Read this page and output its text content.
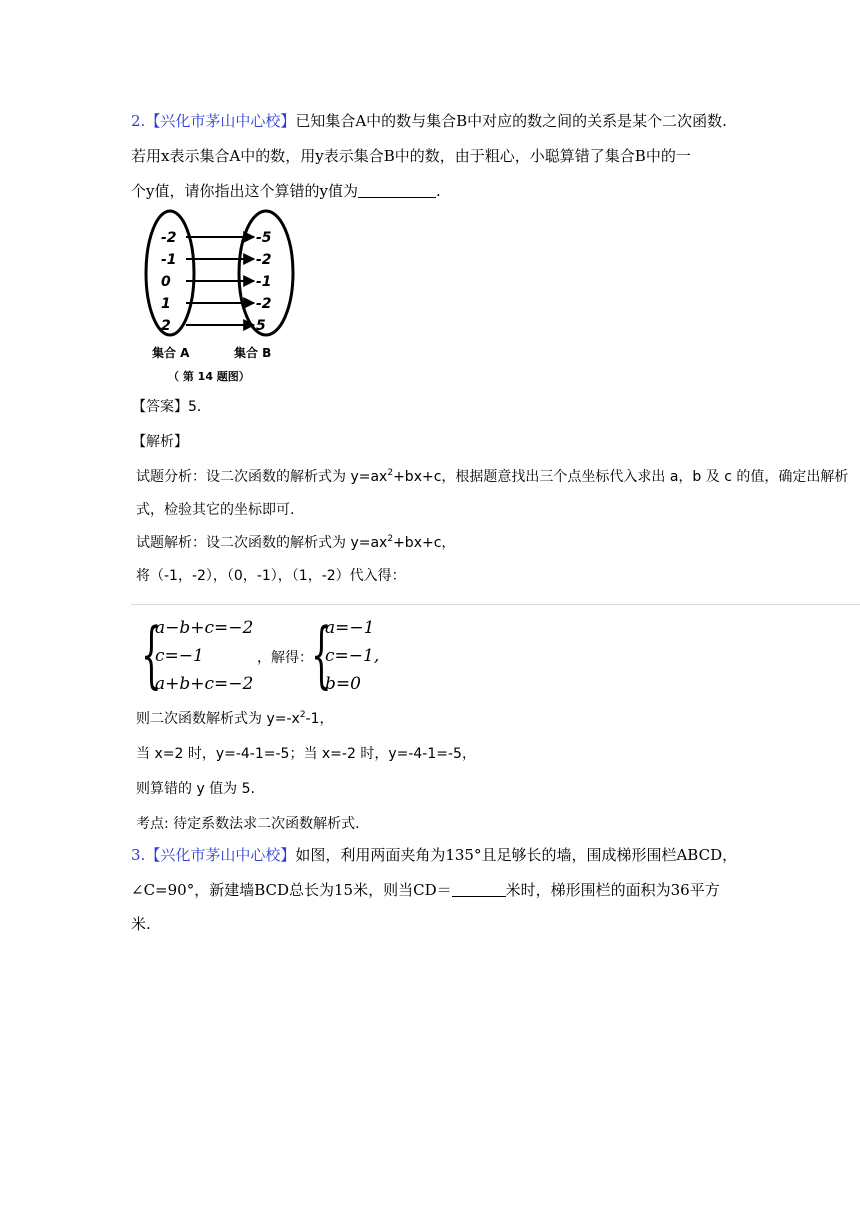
2.【兴化市茅山中心校】已知集合A中的数与集合B中对应的数之间的关系是某个二次函数.
若用x表示集合A中的数，用y表示集合B中的数，由于粗心，小聪算错了集合B中的一
个y值，请你指出这个算错的y值为	.
-2
-1
0
1
2
-5
-2
-1
-2
5
集合 A	集合 B
（ 第 14 题图）
【答案】5.
【解析】
试题分析：设二次函数的解析式为 $y=ax^2+bx+c$，根据题意找出三个点坐标代入求出 a，b 及 c 的值，确定出解析
式，检验其它的坐标即可.
试题解析：设二次函数的解析式为 $y=ax^2+bx+c$，
将（-1，-2），（0，-1），（1，-2）代入得：
{
a−b+c=−2
c=−1
a+b+c=−2
，解得：
{
a=−1
c=−1,
b=0
则二次函数解析式为 $y=-x^2-1$，
当 x=2 时，y=-4-1=-5；当 x=-2 时，y=-4-1=-5，
则算错的 y 值为 5.
考点: 待定系数法求二次函数解析式.
3.【兴化市茅山中心校】如图，利用两面夹角为135°且足够长的墙，围成梯形围栏ABCD，
∠C=90°，新建墙BCD总长为15米，则当CD＝	米时，梯形围栏的面积为36平方
米.
